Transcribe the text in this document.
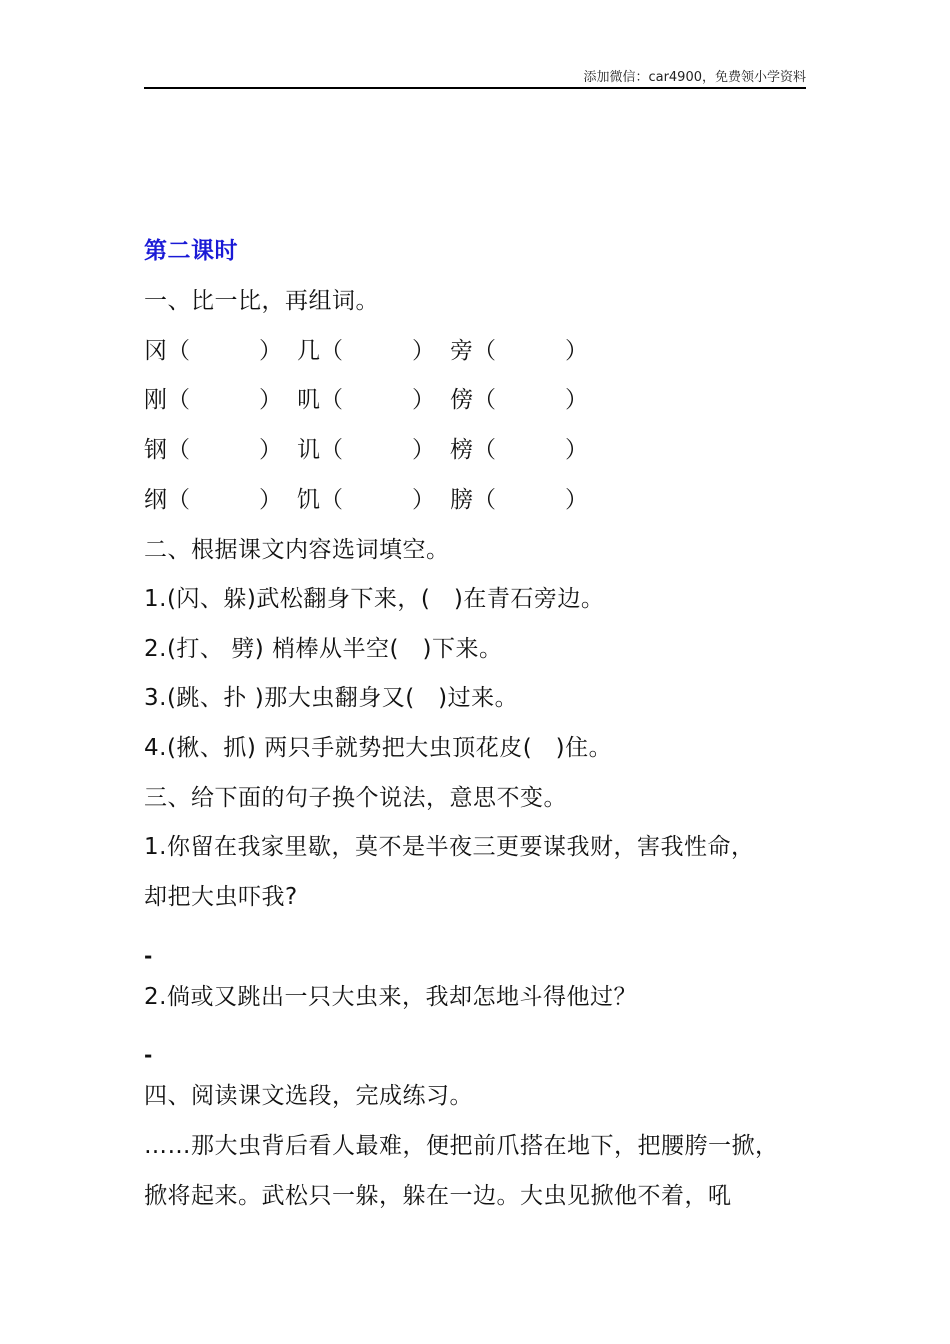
添加微信：car4900，免费领小学资料
第二课时
一、比一比，再组词。
冈（　　　） 几（　　　） 旁（　　　）
刚（　　　） 叽（　　　） 傍（　　　）
钢（　　　） 讥（　　　） 榜（　　　）
纲（　　　） 饥（　　　） 膀（　　　）
二、根据课文内容选词填空。
1.(闪、躲)武松翻身下来，(　)在青石旁边。
2.(打、 劈) 梢棒从半空(　)下来。
3.(跳、扑 )那大虫翻身又(　)过来。
4.(揪、抓) 两只手就势把大虫顶花皮(　)住。
三、给下面的句子换个说法，意思不变。
1.你留在我家里歇，莫不是半夜三更要谋我财，害我性命，
却把大虫吓我?
-
2.倘或又跳出一只大虫来，我却怎地斗得他过？
-
四、阅读课文选段，完成练习。
……那大虫背后看人最难，便把前爪搭在地下，把腰胯一掀，
掀将起来。武松只一躲，躲在一边。大虫见掀他不着，吼
